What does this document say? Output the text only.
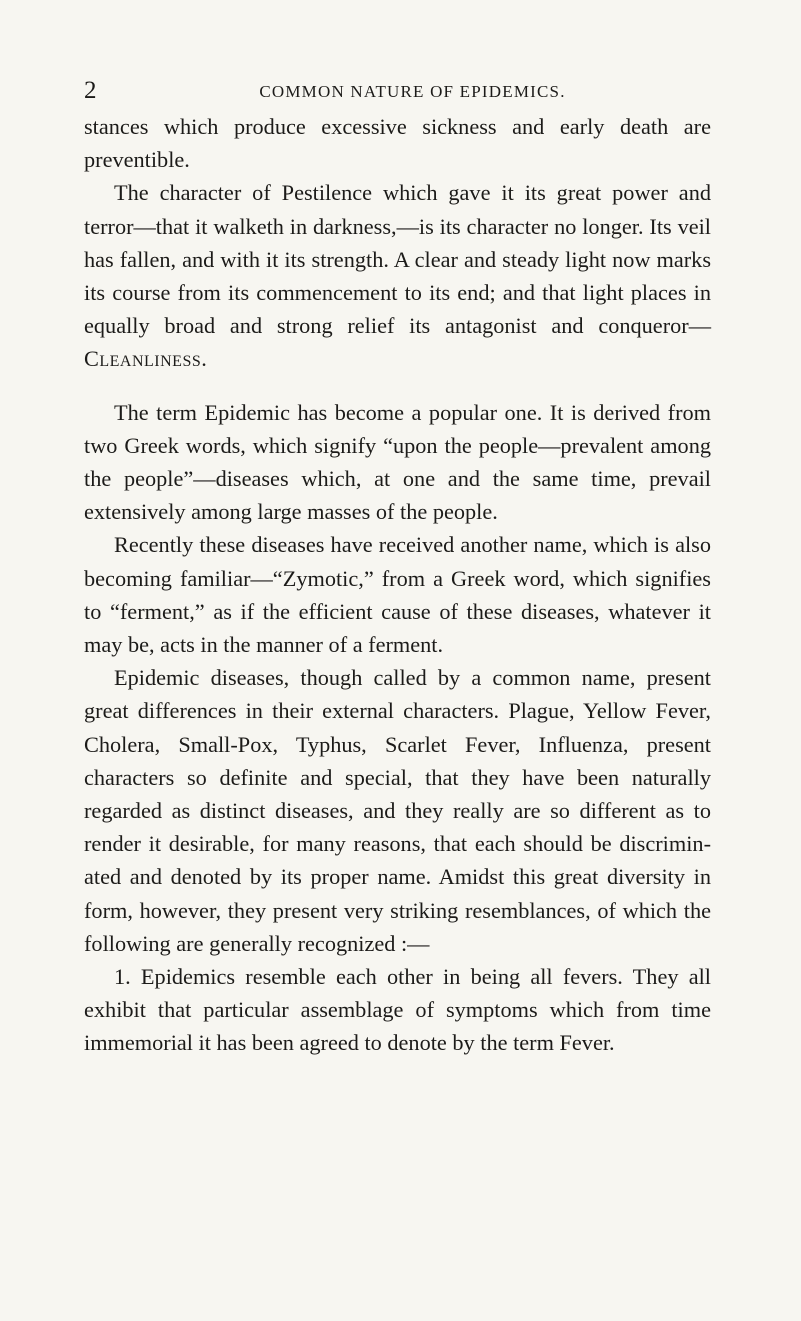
2	COMMON NATURE OF EPIDEMICS.

stances which produce excessive sickness and early death are preventible.

The character of Pestilence which gave it its great power and terror—that it walketh in darkness,—is its character no longer. Its veil has fallen, and with it its strength. A clear and steady light now marks its course from its commencement to its end; and that light places in equally broad and strong relief its antagonist and conqueror—Cleanliness.

The term Epidemic has become a popular one. It is derived from two Greek words, which signify “upon the people—prevalent among the people”—diseases which, at one and the same time, prevail extensively among large masses of the people.

Recently these diseases have received another name, which is also becoming familiar—“Zymotic,” from a Greek word, which signifies to “ferment,” as if the efficient cause of these diseases, whatever it may be, acts in the manner of a ferment.

Epidemic diseases, though called by a common name, present great differences in their external characters. Plague, Yellow Fever, Cholera, Small-Pox, Typhus, Scarlet Fever, Influenza, present characters so definite and special, that they have been naturally regarded as distinct diseases, and they really are so different as to render it desirable, for many reasons, that each should be discriminated and denoted by its proper name. Amidst this great diversity in form, however, they present very striking resemblances, of which the following are generally recognized :—

1. Epidemics resemble each other in being all fevers. They all exhibit that particular assemblage of symptoms which from time immemorial it has been agreed to denote by the term Fever.
